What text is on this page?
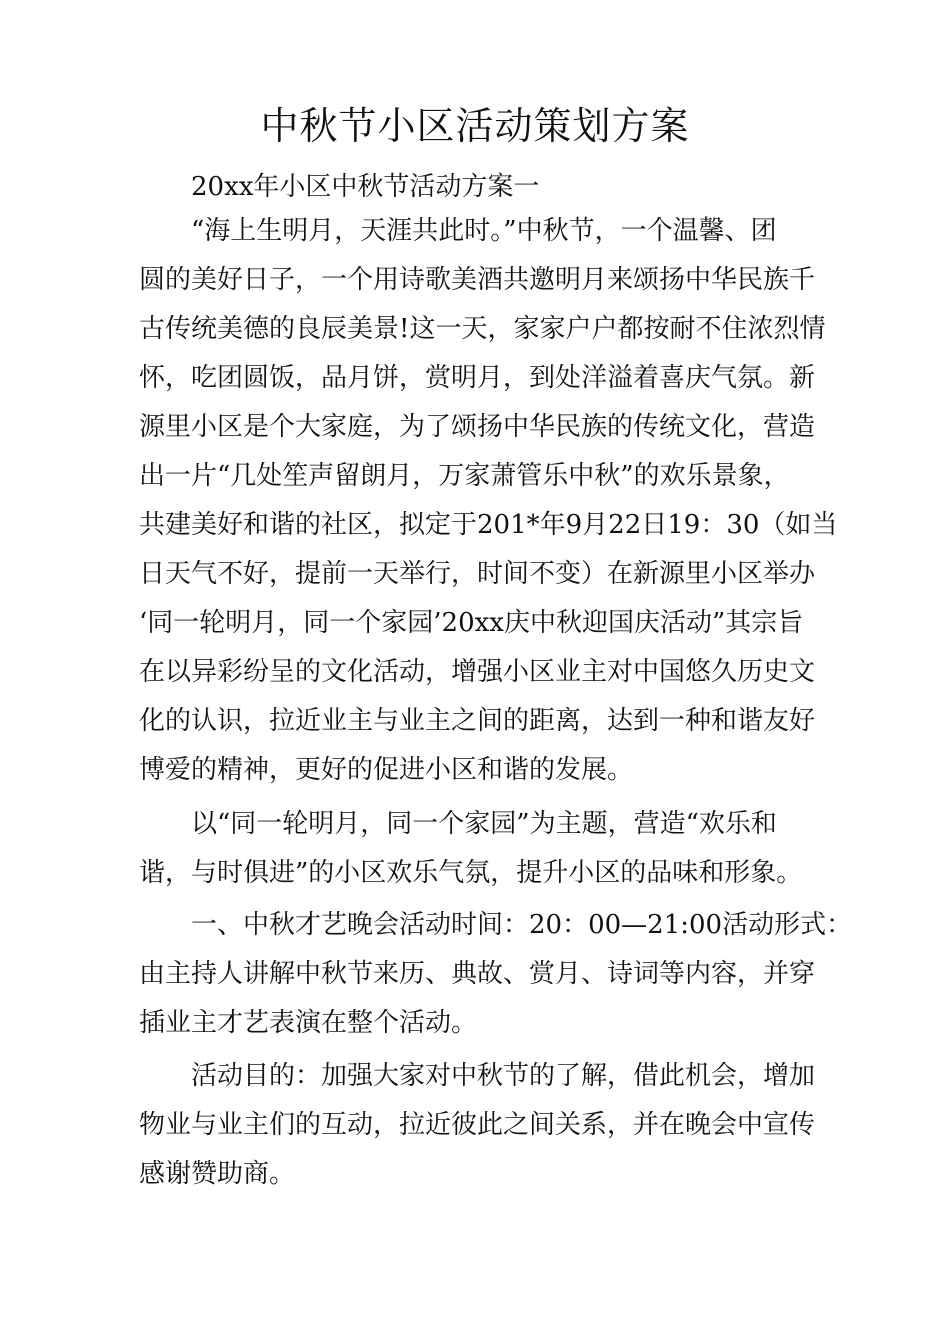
中秋节小区活动策划方案
20xx年小区中秋节活动方案一
“海上生明月，天涯共此时。”中秋节，一个温馨、团
圆的美好日子，一个用诗歌美酒共邀明月来颂扬中华民族千
古传统美德的良辰美景!这一天，家家户户都按耐不住浓烈情
怀，吃团圆饭，品月饼，赏明月，到处洋溢着喜庆气氛。新
源里小区是个大家庭，为了颂扬中华民族的传统文化，营造
出一片“几处笙声留朗月，万家萧管乐中秋”的欢乐景象，
共建美好和谐的社区，拟定于201*年9月22日19：30（如当
日天气不好，提前一天举行，时间不变）在新源里小区举办
‘同一轮明月，同一个家园’20xx庆中秋迎国庆活动”其宗旨
在以异彩纷呈的文化活动，增强小区业主对中国悠久历史文
化的认识，拉近业主与业主之间的距离，达到一种和谐友好
博爱的精神，更好的促进小区和谐的发展。
以“同一轮明月，同一个家园”为主题，营造“欢乐和
谐，与时俱进”的小区欢乐气氛，提升小区的品味和形象。
一、中秋才艺晚会活动时间：20：00—21:00活动形式：
由主持人讲解中秋节来历、典故、赏月、诗词等内容，并穿
插业主才艺表演在整个活动。
活动目的：加强大家对中秋节的了解，借此机会，增加
物业与业主们的互动，拉近彼此之间关系，并在晚会中宣传
感谢赞助商。
